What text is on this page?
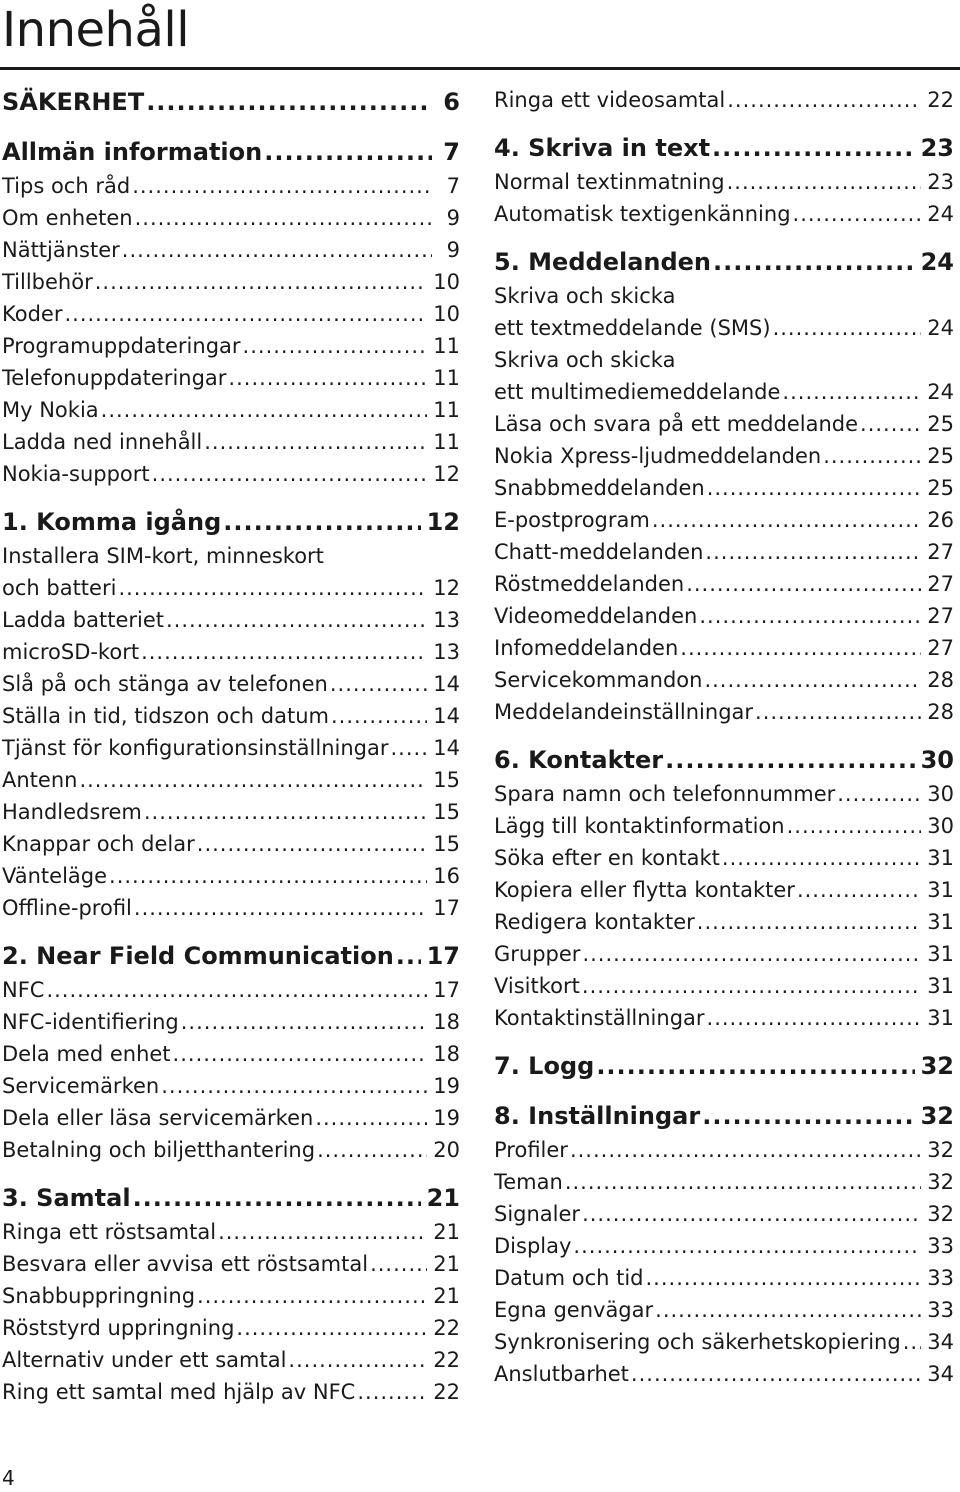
Innehåll
SÄKERHET .....	6
Allmän information .....	7
Tips och råd .....	7
Om enheten .....	9
Nättjänster .....	9
Tillbehör .....	10
Koder .....	10
Programuppdateringar .....	11
Telefonuppdateringar .....	11
My Nokia .....	11
Ladda ned innehåll .....	11
Nokia-support .....	12
1. Komma igång .....	12
Installera SIM-kort, minneskort
och batteri .....	12
Ladda batteriet .....	13
microSD-kort .....	13
Slå på och stänga av telefonen .....	14
Ställa in tid, tidszon och datum .....	14
Tjänst för konfigurationsinställningar ..... 14
Antenn .....	15
Handledsrem .....	15
Knappar och delar .....	15
Vänteläge .....	16
Offline-profil .....	17
2. Near Field Communication ..... 17
NFC .....	17
NFC-identifiering .....	18
Dela med enhet .....	18
Servicemärken .....	19
Dela eller läsa servicemärken .....	19
Betalning och biljetthantering .....	20
3. Samtal .....	21
Ringa ett röstsamtal .....	21
Besvara eller avvisa ett röstsamtal .....	21
Snabbuppringning .....	21
Röststyrd uppringning .....	22
Alternativ under ett samtal .....	22
Ring ett samtal med hjälp av NFC .....	22
Ringa ett videosamtal .....	22
4. Skriva in text .....	23
Normal textinmatning .....	23
Automatisk textigenkänning .....	24
5. Meddelanden .....	24
Skriva och skicka
ett textmeddelande (SMS) .....	24
Skriva och skicka
ett multimediemeddelande .....	24
Läsa och svara på ett meddelande .....	25
Nokia Xpress-ljudmeddelanden .....	25
Snabbmeddelanden .....	25
E-postprogram .....	26
Chatt-meddelanden .....	27
Röstmeddelanden .....	27
Videomeddelanden .....	27
Infomeddelanden .....	27
Servicekommandon .....	28
Meddelandeinställningar .....	28
6. Kontakter .....	30
Spara namn och telefonnummer .....	30
Lägg till kontaktinformation .....	30
Söka efter en kontakt .....	31
Kopiera eller flytta kontakter .....	31
Redigera kontakter .....	31
Grupper .....	31
Visitkort .....	31
Kontaktinställningar .....	31
7. Logg .....	32
8. Inställningar .....	32
Profiler .....	32
Teman .....	32
Signaler .....	32
Display .....	33
Datum och tid .....	33
Egna genvägar .....	33
Synkronisering och säkerhetskopiering ..... 34
Anslutbarhet .....	34
4
